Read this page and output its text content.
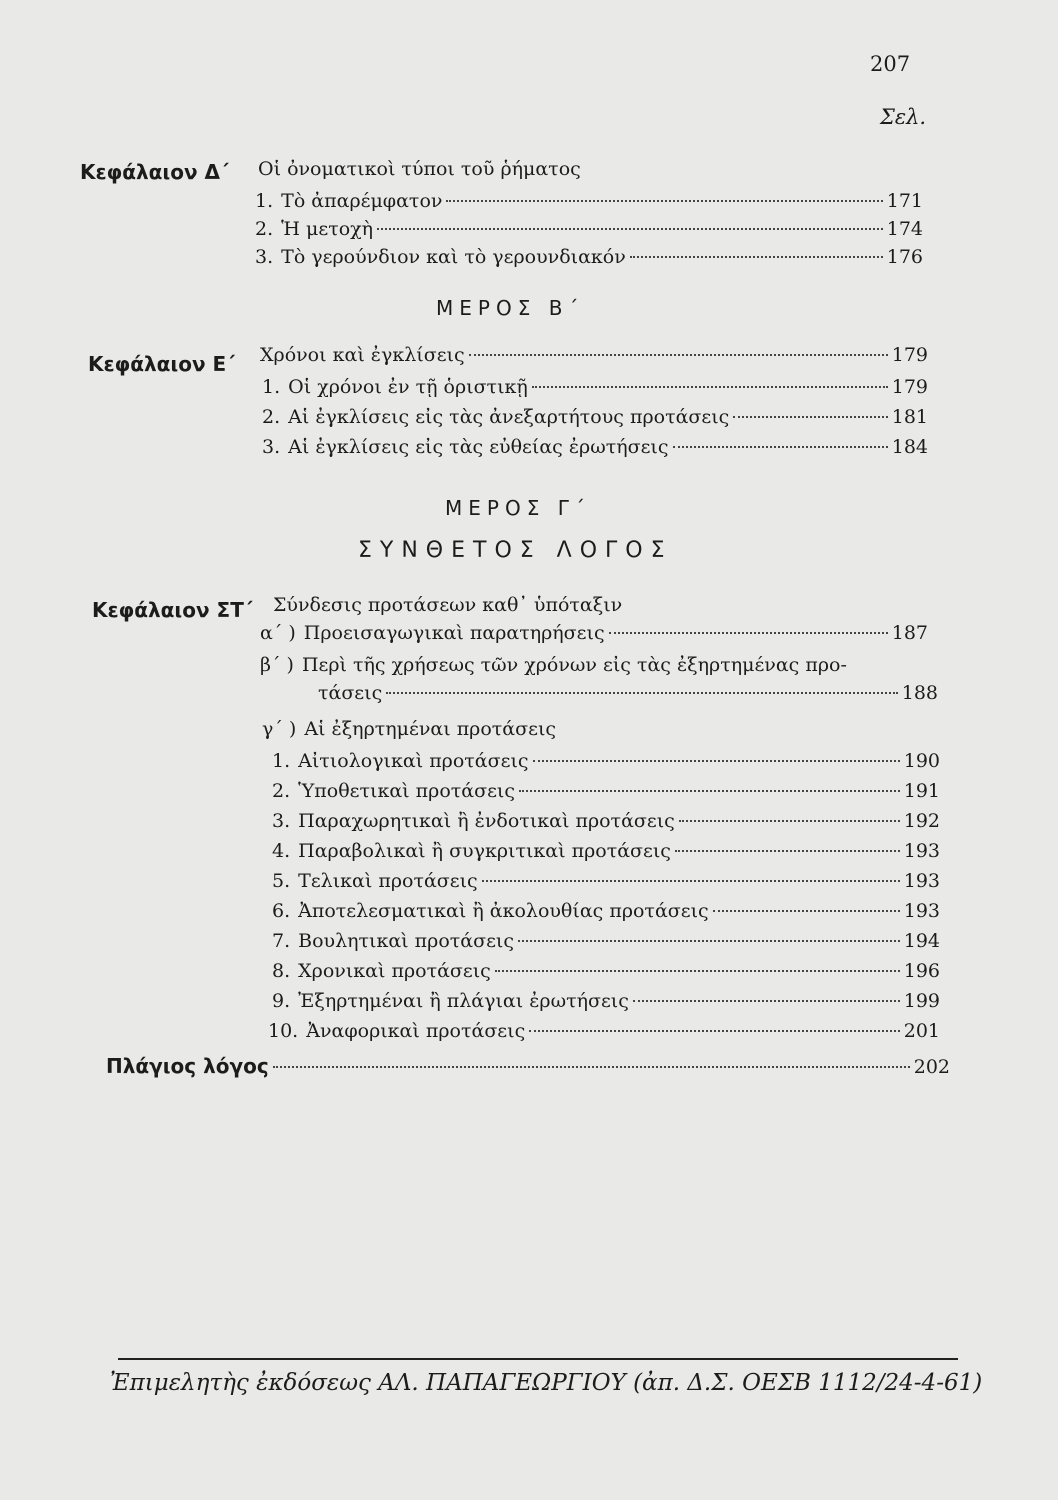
207
Σελ.
Κεφάλαιον Δ΄ Οἱ ὀνοματικοὶ τύποι τοῦ ῥήματος
1. Τὸ ἀπαρέμφατον	171
2. Ἡ μετοχὴ	174
3. Τὸ γερούνδιον καὶ τὸ γερουνδιακόν	176
ΜΕΡΟΣ Β΄
Κεφάλαιον Ε΄ Χρόνοι καὶ ἐγκλίσεις	179
1. Οἱ χρόνοι ἐν τῇ ὁριστικῇ	179
2. Αἱ ἐγκλίσεις εἰς τὰς ἀνεξαρτήτους προτάσεις	181
3. Αἱ ἐγκλίσεις εἰς τὰς εὐθείας ἐρωτήσεις	184
ΜΕΡΟΣ Γ΄
ΣΥΝΘΕΤΟΣ ΛΟΓΟΣ
Κεφάλαιον ΣΤ΄ Σύνδεσις προτάσεων καθ᾽ ὑπόταξιν
α΄ ) Προεισαγωγικαὶ παρατηρήσεις	187
β΄ ) Περὶ τῆς χρήσεως τῶν χρόνων εἰς τὰς ἐξηρτημένας προ-
τάσεις	188
γ΄ ) Αἱ ἐξηρτημέναι προτάσεις
1. Αἰτιολογικαὶ προτάσεις	190
2. Ὑποθετικαὶ προτάσεις	191
3. Παραχωρητικαὶ ἢ ἐνδοτικαὶ προτάσεις	192
4. Παραβολικαὶ ἢ συγκριτικαὶ προτάσεις	193
5. Τελικαὶ προτάσεις	193
6. Ἀποτελεσματικαὶ ἢ ἀκολουθίας προτάσεις	193
7. Βουλητικαὶ προτάσεις	194
8. Χρονικαὶ προτάσεις	196
9. Ἐξηρτημέναι ἢ πλάγιαι ἐρωτήσεις	199
10. Ἀναφορικαὶ προτάσεις	201
Πλάγιος λόγος	202
Ἐπιμελητὴς ἐκδόσεως ΑΛ. ΠΑΠΑΓΕΩΡΓΙΟΥ (ἀπ. Δ.Σ. ΟΕΣΒ 1112/24-4-61)
